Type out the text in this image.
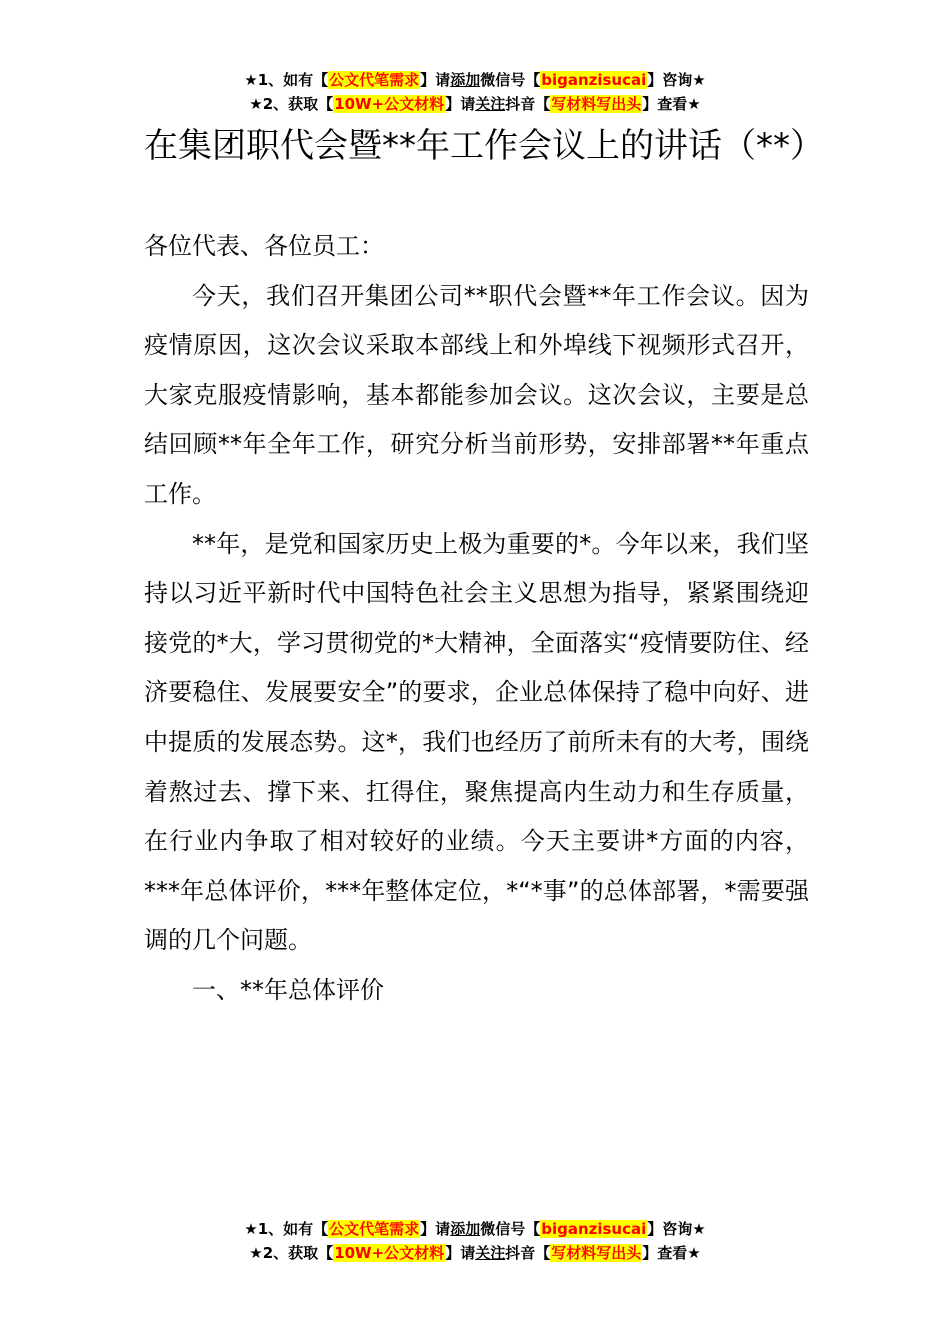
★1、如有【公文代笔需求】请添加微信号【biganzisucai】咨询★
★2、获取【10W+公文材料】请关注抖音【写材料写出头】查看★
在集团职代会暨**年工作会议上的讲话（**）

各位代表、各位员工：

今天，我们召开集团公司**职代会暨**年工作会议。因为疫情原因，这次会议采取本部线上和外埠线下视频形式召开，大家克服疫情影响，基本都能参加会议。这次会议，主要是总结回顾**年全年工作，研究分析当前形势，安排部署**年重点工作。

**年，是党和国家历史上极为重要的*。今年以来，我们坚持以习近平新时代中国特色社会主义思想为指导，紧紧围绕迎接党的*大，学习贯彻党的*大精神，全面落实“疫情要防住、经济要稳住、发展要安全”的要求，企业总体保持了稳中向好、进中提质的发展态势。这*，我们也经历了前所未有的大考，围绕着熬过去、撑下来、扛得住，聚焦提高内生动力和生存质量，在行业内争取了相对较好的业绩。今天主要讲*方面的内容，***年总体评价，***年整体定位，*“*事”的总体部署，*需要强调的几个问题。

一、**年总体评价

★1、如有【公文代笔需求】请添加微信号【biganzisucai】咨询★
★2、获取【10W+公文材料】请关注抖音【写材料写出头】查看★
